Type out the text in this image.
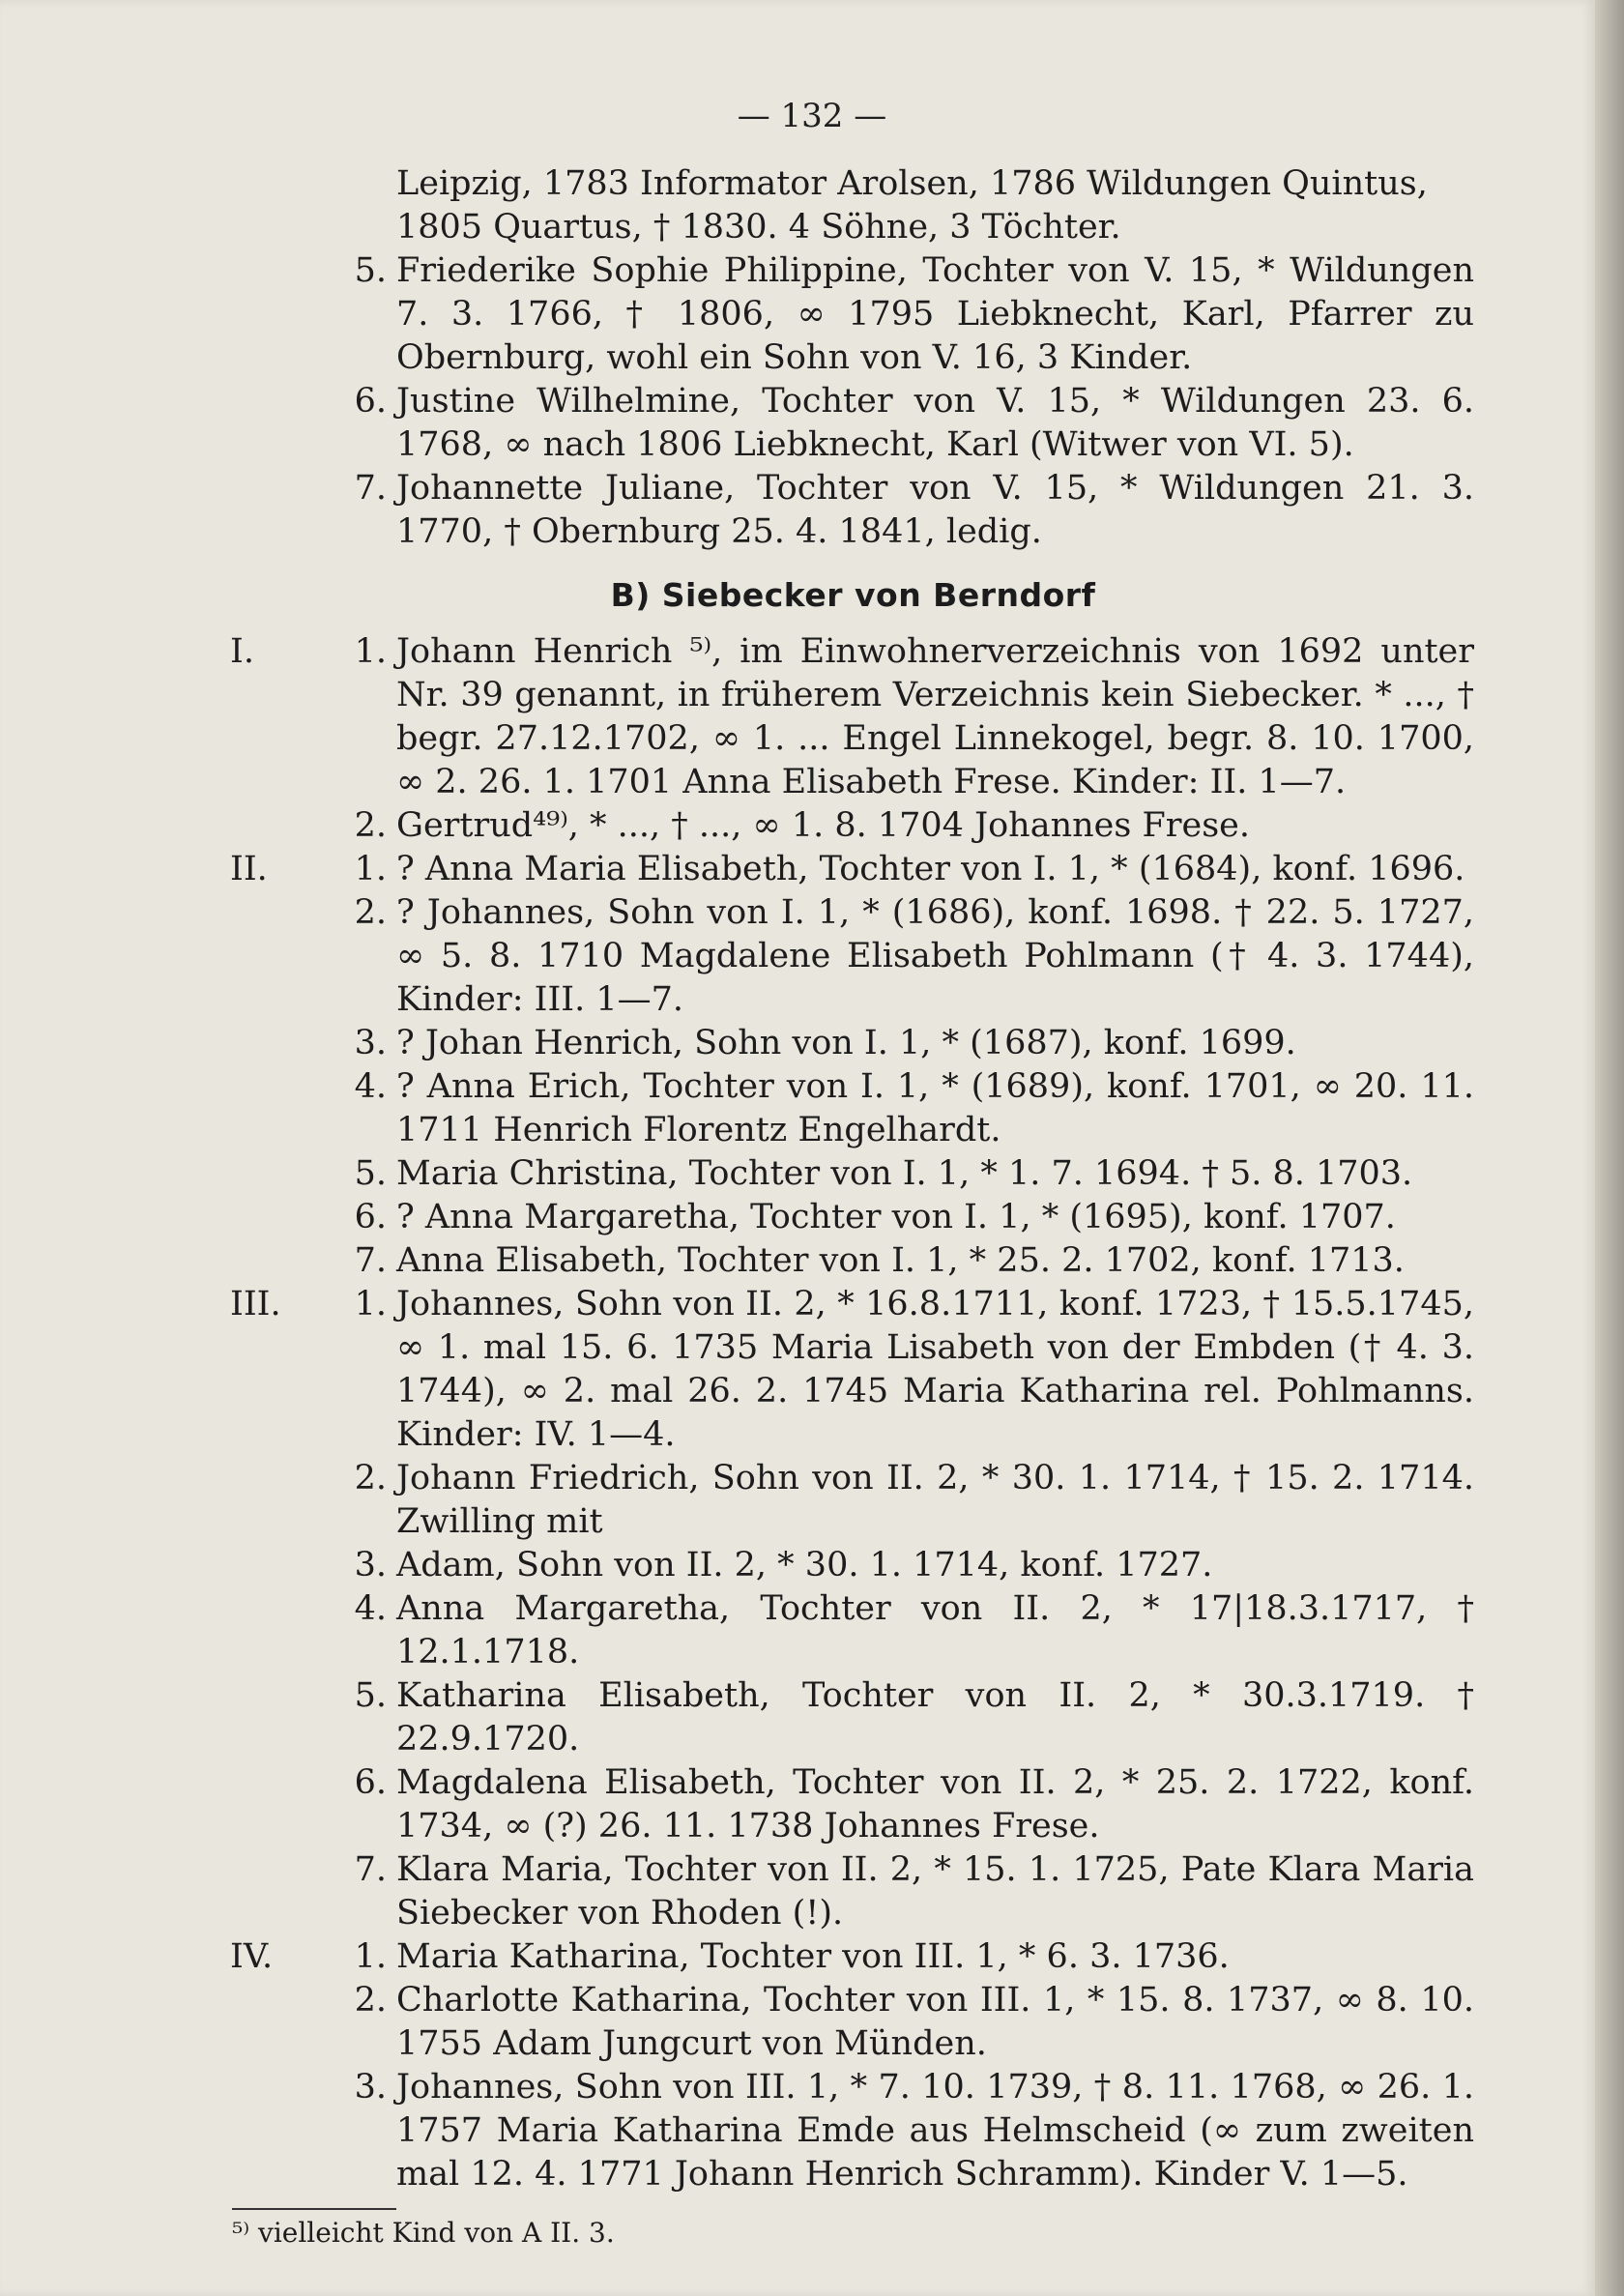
— 132 —
Leipzig, 1783 Informator Arolsen, 1786 Wildungen Quintus,
1805 Quartus, † 1830. 4 Söhne, 3 Töchter.
5. Friederike Sophie Philippine, Tochter von V. 15, * Wildungen 7. 3. 1766, † 1806, ∞ 1795 Liebknecht, Karl, Pfarrer zu Obernburg, wohl ein Sohn von V. 16, 3 Kinder.
6. Justine Wilhelmine, Tochter von V. 15, * Wildungen 23. 6. 1768, ∞ nach 1806 Liebknecht, Karl (Witwer von VI. 5).
7. Johannette Juliane, Tochter von V. 15, * Wildungen 21. 3. 1770, † Obernburg 25. 4. 1841, ledig.
B) Siebecker von Berndorf
I.	1. Johann Henrich ⁵⁾, im Einwohnerverzeichnis von 1692 unter Nr. 39 genannt, in früherem Verzeichnis kein Siebecker. * ..., † begr. 27.12.1702, ∞ 1. ... Engel Linnekogel, begr. 8. 10. 1700, ∞ 2. 26. 1. 1701 Anna Elisabeth Frese. Kinder: II. 1—7.
2. Gertrud⁴⁹⁾, * ..., † ..., ∞ 1. 8. 1704 Johannes Frese.
II.	1. ? Anna Maria Elisabeth, Tochter von I. 1, * (1684), konf. 1696.
2. ? Johannes, Sohn von I. 1, * (1686), konf. 1698. † 22. 5. 1727, ∞ 5. 8. 1710 Magdalene Elisabeth Pohlmann († 4. 3. 1744), Kinder: III. 1—7.
3. ? Johan Henrich, Sohn von I. 1, * (1687), konf. 1699.
4. ? Anna Erich, Tochter von I. 1, * (1689), konf. 1701, ∞ 20. 11. 1711 Henrich Florentz Engelhardt.
5. Maria Christina, Tochter von I. 1, * 1. 7. 1694. † 5. 8. 1703.
6. ? Anna Margaretha, Tochter von I. 1, * (1695), konf. 1707.
7. Anna Elisabeth, Tochter von I. 1, * 25. 2. 1702, konf. 1713.
III.	1. Johannes, Sohn von II. 2, * 16.8.1711, konf. 1723, † 15.5.1745, ∞ 1. mal 15. 6. 1735 Maria Lisabeth von der Embden († 4. 3. 1744), ∞ 2. mal 26. 2. 1745 Maria Katharina rel. Pohlmanns. Kinder: IV. 1—4.
2. Johann Friedrich, Sohn von II. 2, * 30. 1. 1714, † 15. 2. 1714. Zwilling mit
3. Adam, Sohn von II. 2, * 30. 1. 1714, konf. 1727.
4. Anna Margaretha, Tochter von II. 2, * 17|18.3.1717, † 12.1.1718.
5. Katharina Elisabeth, Tochter von II. 2, * 30.3.1719. † 22.9.1720.
6. Magdalena Elisabeth, Tochter von II. 2, * 25. 2. 1722, konf. 1734, ∞ (?) 26. 11. 1738 Johannes Frese.
7. Klara Maria, Tochter von II. 2, * 15. 1. 1725, Pate Klara Maria Siebecker von Rhoden (!).
IV.	1. Maria Katharina, Tochter von III. 1, * 6. 3. 1736.
2. Charlotte Katharina, Tochter von III. 1, * 15. 8. 1737, ∞ 8. 10. 1755 Adam Jungcurt von Münden.
3. Johannes, Sohn von III. 1, * 7. 10. 1739, † 8. 11. 1768, ∞ 26. 1. 1757 Maria Katharina Emde aus Helmscheid (∞ zum zweiten mal 12. 4. 1771 Johann Henrich Schramm). Kinder V. 1—5.
⁵⁾ vielleicht Kind von A II. 3.
